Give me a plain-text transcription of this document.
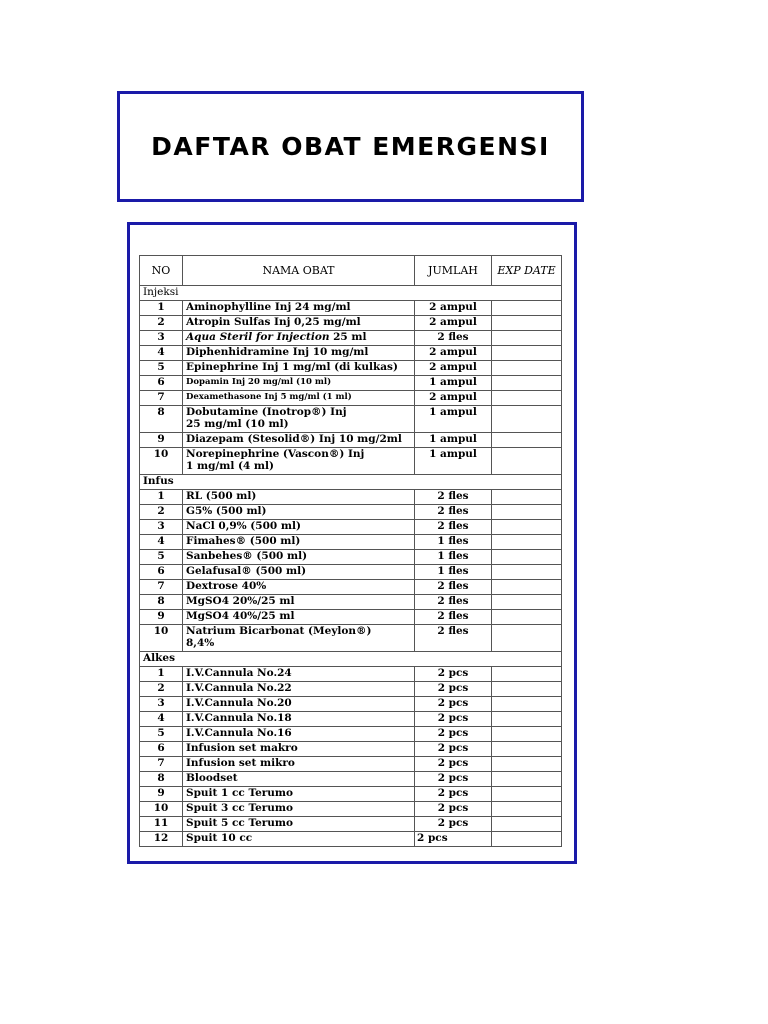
DAFTAR OBAT EMERGENSI
NO	NAMA OBAT	JUMLAH	EXP DATE
Injeksi			
1	Aminophylline Inj 24 mg/ml	2 ampul	
2	Atropin Sulfas Inj 0,25 mg/ml	2 ampul	
3	Aqua Steril for Injection 25 ml	2 fles	
4	Diphenhidramine Inj 10 mg/ml	2 ampul	
5	Epinephrine Inj 1 mg/ml (di kulkas)	2 ampul	
6	Dopamin Inj 20 mg/ml (10 ml)	1 ampul	
7	Dexamethasone Inj 5 mg/ml (1 ml)	2 ampul	
8	Dobutamine (Inotrop®) Inj
25 mg/ml (10 ml)	1 ampul	
9	Diazepam (Stesolid®) Inj 10 mg/2ml	1 ampul	
10	Norepinephrine (Vascon®) Inj
1 mg/ml (4 ml)	1 ampul	
Infus			
1	RL (500 ml)	2 fles	
2	G5% (500 ml)	2 fles	
3	NaCl 0,9% (500 ml)	2 fles	
4	Fimahes® (500 ml)	1 fles	
5	Sanbehes® (500 ml)	1 fles	
6	Gelafusal® (500 ml)	1 fles	
7	Dextrose 40%	2 fles	
8	MgSO4 20%/25 ml	2 fles	
9	MgSO4 40%/25 ml	2 fles	
10	Natrium Bicarbonat (Meylon®)
8,4%	2 fles	
Alkes			
1	I.V.Cannula No.24	2 pcs	
2	I.V.Cannula No.22	2 pcs	
3	I.V.Cannula No.20	2 pcs	
4	I.V.Cannula No.18	2 pcs	
5	I.V.Cannula No.16	2 pcs	
6	Infusion set makro	2 pcs	
7	Infusion set mikro	2 pcs	
8	Bloodset	2 pcs	
9	Spuit 1 cc Terumo	2 pcs	
10	Spuit 3 cc Terumo	2 pcs	
11	Spuit 5 cc Terumo	2 pcs	
12	Spuit 10 cc	2 pcs	
